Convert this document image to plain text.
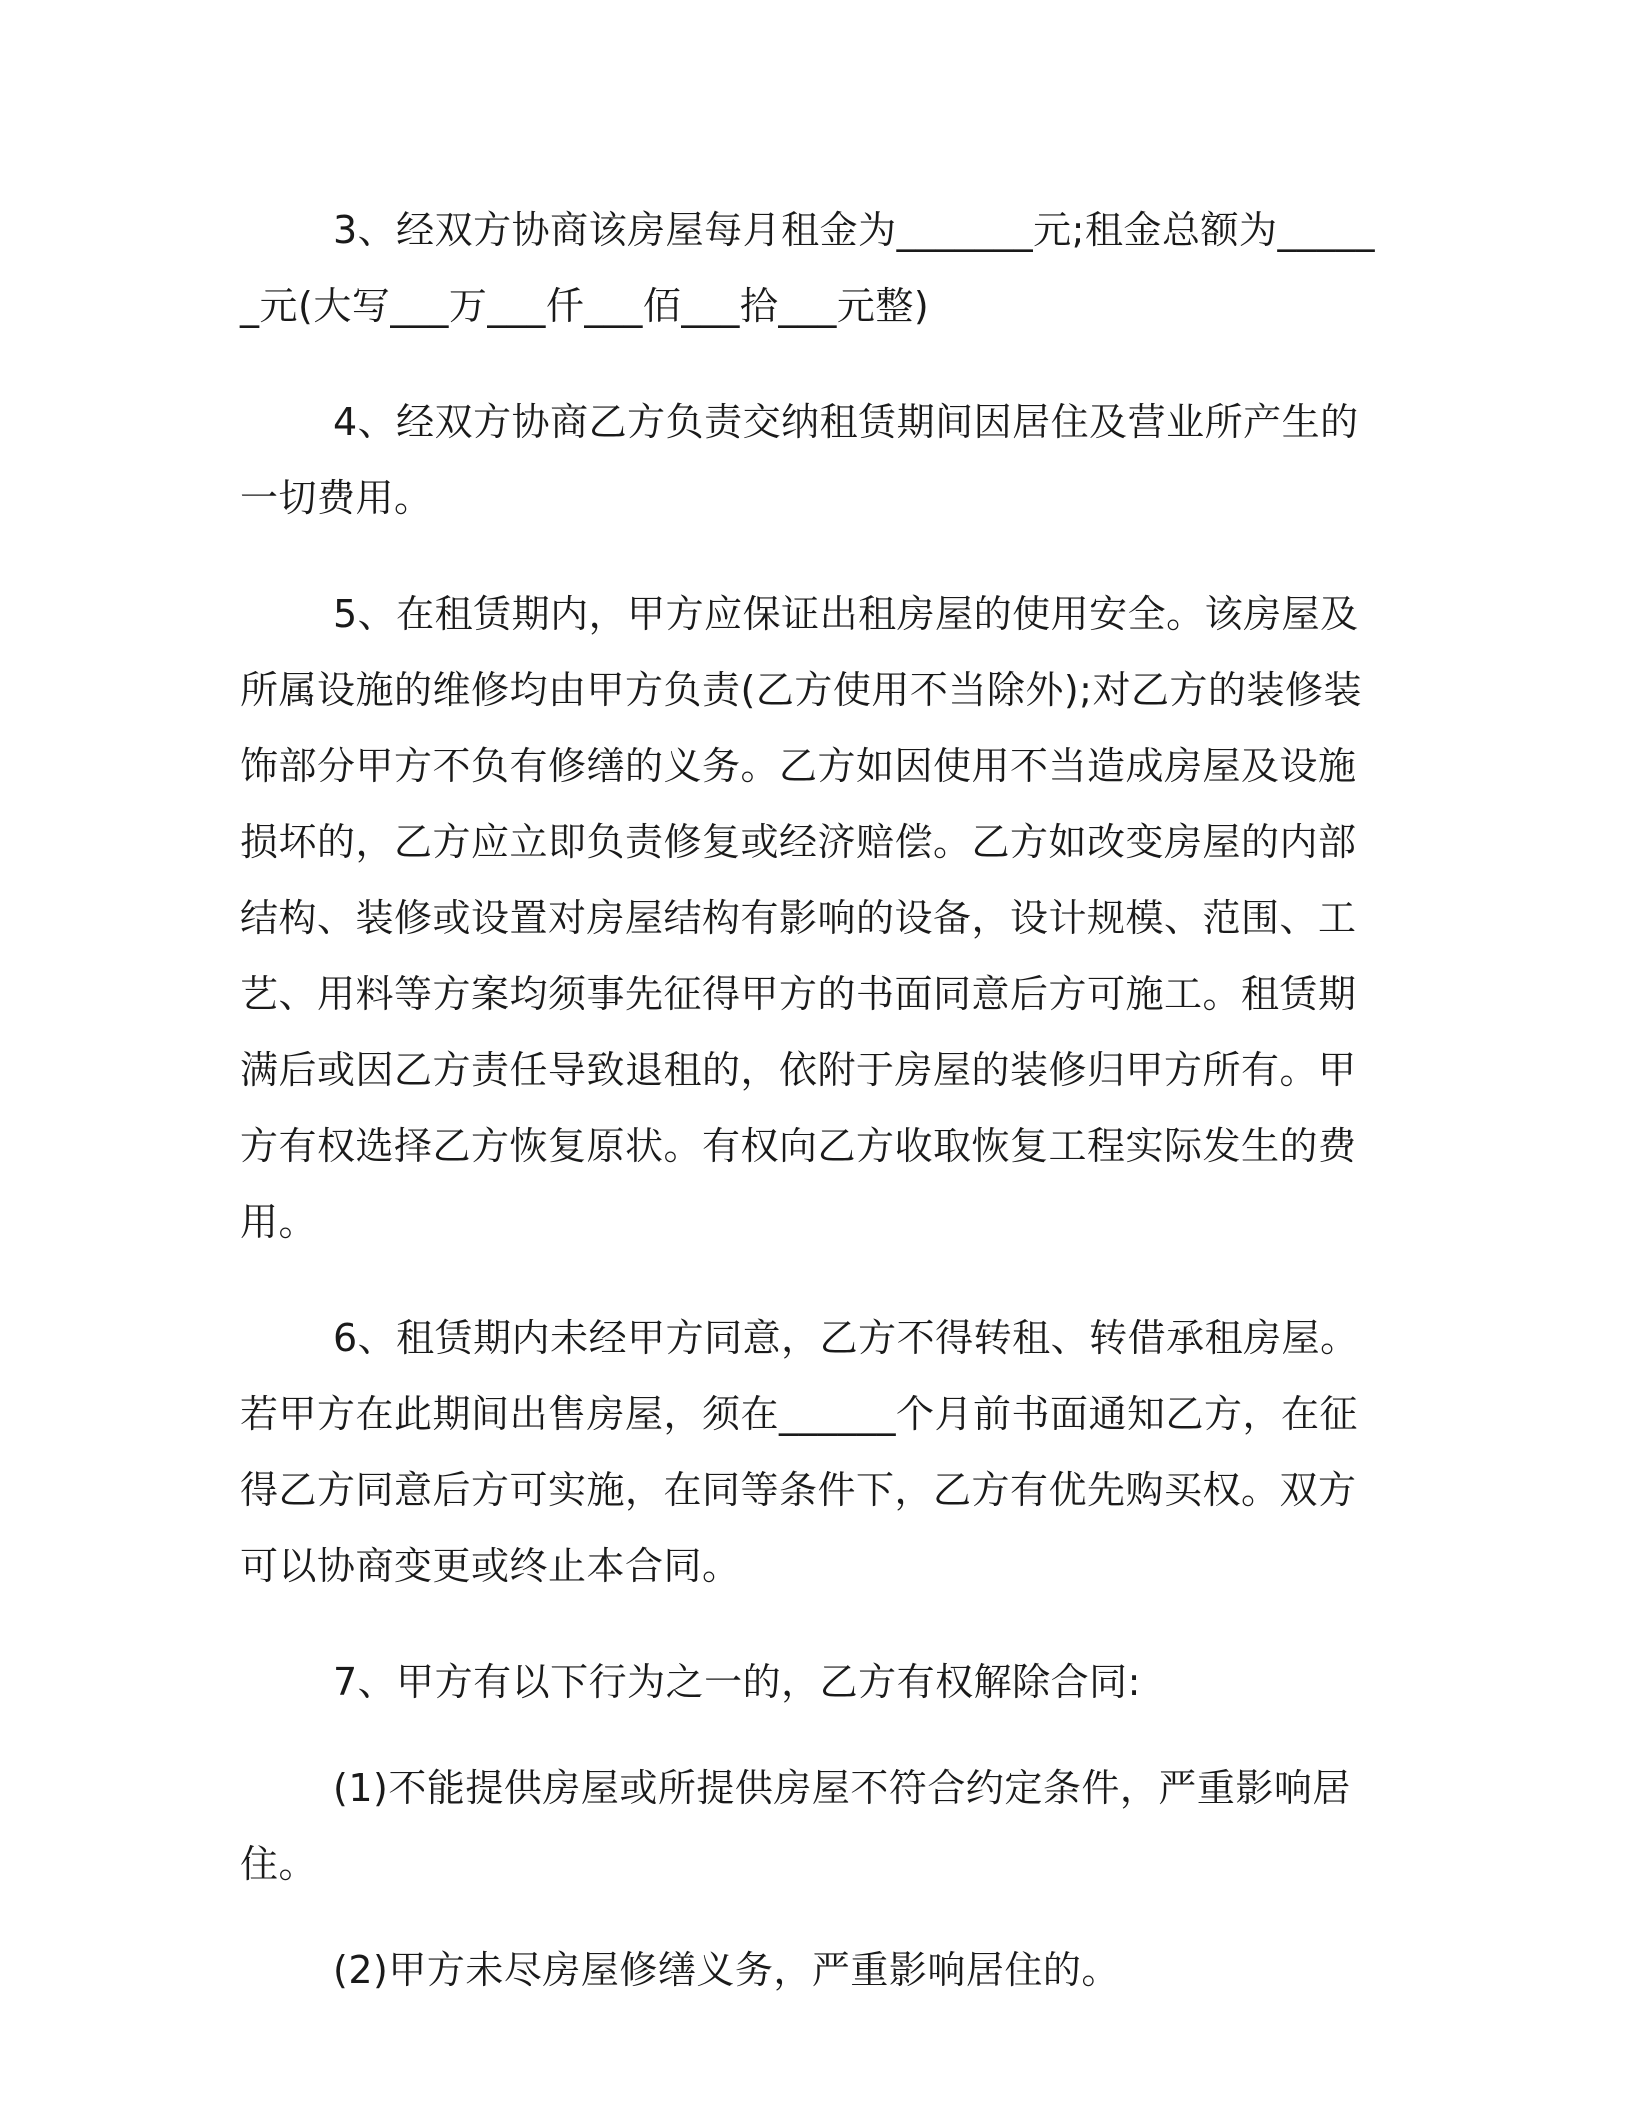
3、经双方协商该房屋每月租金为_______元;租金总额为______元(大写___万___仟___佰___拾___元整)

4、经双方协商乙方负责交纳租赁期间因居住及营业所产生的一切费用。

5、在租赁期内，甲方应保证出租房屋的使用安全。该房屋及所属设施的维修均由甲方负责(乙方使用不当除外);对乙方的装修装饰部分甲方不负有修缮的义务。乙方如因使用不当造成房屋及设施损坏的，乙方应立即负责修复或经济赔偿。乙方如改变房屋的内部结构、装修或设置对房屋结构有影响的设备，设计规模、范围、工艺、用料等方案均须事先征得甲方的书面同意后方可施工。租赁期满后或因乙方责任导致退租的，依附于房屋的装修归甲方所有。甲方有权选择乙方恢复原状。有权向乙方收取恢复工程实际发生的费用。

6、租赁期内未经甲方同意，乙方不得转租、转借承租房屋。若甲方在此期间出售房屋，须在______个月前书面通知乙方，在征得乙方同意后方可实施，在同等条件下，乙方有优先购买权。双方可以协商变更或终止本合同。

7、甲方有以下行为之一的，乙方有权解除合同:

(1)不能提供房屋或所提供房屋不符合约定条件，严重影响居住。

(2)甲方未尽房屋修缮义务，严重影响居住的。
